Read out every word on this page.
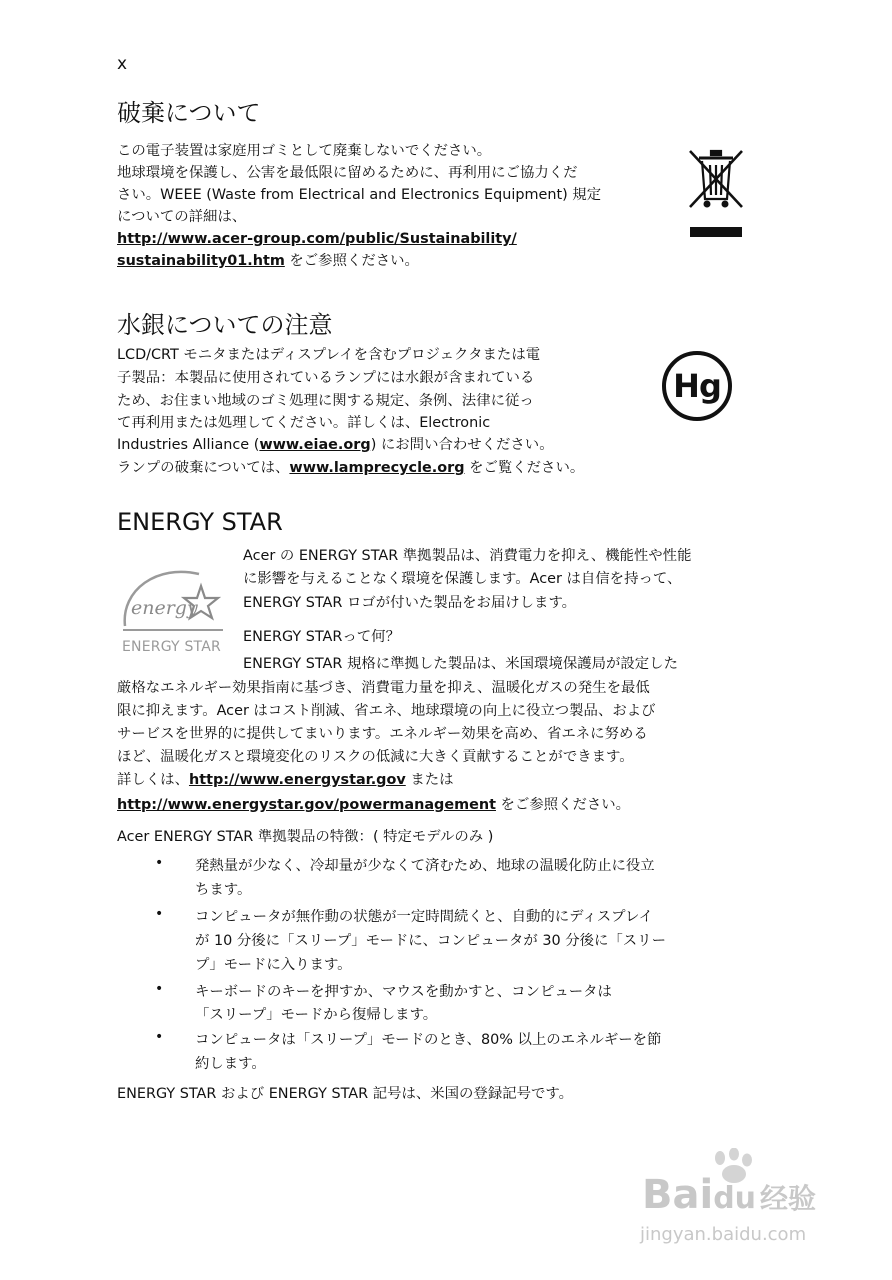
x
破棄について
この電子装置は家庭用ゴミとして廃棄しないでください。
地球環境を保護し、公害を最低限に留めるために、再利用にご協力くだ
さい。WEEE (Waste from Electrical and Electronics Equipment) 規定
についての詳細は、
http://www.acer-group.com/public/Sustainability/
sustainability01.htm をご参照ください。
水銀についての注意
LCD/CRT モニタまたはディスプレイを含むプロジェクタまたは電
子製品：本製品に使用されているランプには水銀が含まれている
ため、お住まい地域のゴミ処理に関する規定、条例、法律に従っ
て再利用または処理してください。詳しくは、Electronic
Industries Alliance (www.eiae.org) にお問い合わせください。
ランプの破棄については、www.lamprecycle.org をご覧ください。
Hg
ENERGY STAR
energy
ENERGY STAR
Acer の ENERGY STAR 準拠製品は、消費電力を抑え、機能性や性能
に影響を与えることなく環境を保護します。Acer は自信を持って、
ENERGY STAR ロゴが付いた製品をお届けします。
ENERGY STARって何？
ENERGY STAR 規格に準拠した製品は、米国環境保護局が設定した
厳格なエネルギー効果指南に基づき、消費電力量を抑え、温暖化ガスの発生を最低
限に抑えます。Acer はコスト削減、省エネ、地球環境の向上に役立つ製品、および
サービスを世界的に提供してまいります。エネルギー効果を高め、省エネに努める
ほど、温暖化ガスと環境変化のリスクの低減に大きく貢献することができます。
詳しくは、http://www.energystar.gov または
http://www.energystar.gov/powermanagement をご参照ください。
Acer ENERGY STAR 準拠製品の特徴：( 特定モデルのみ )
• 発熱量が少なく、冷却量が少なくて済むため、地球の温暖化防止に役立
ちます。
• コンピュータが無作動の状態が一定時間続くと、自動的にディスプレイ
が 10 分後に「スリープ」モードに、コンピュータが 30 分後に「スリー
プ」モードに入ります。
• キーボードのキーを押すか、マウスを動かすと、コンピュータは
「スリープ」モードから復帰します。
• コンピュータは「スリープ」モードのとき、80% 以上のエネルギーを節
約します。
ENERGY STAR および ENERGY STAR 記号は、米国の登録記号です。
Baidu 经验
jingyan.baidu.com
